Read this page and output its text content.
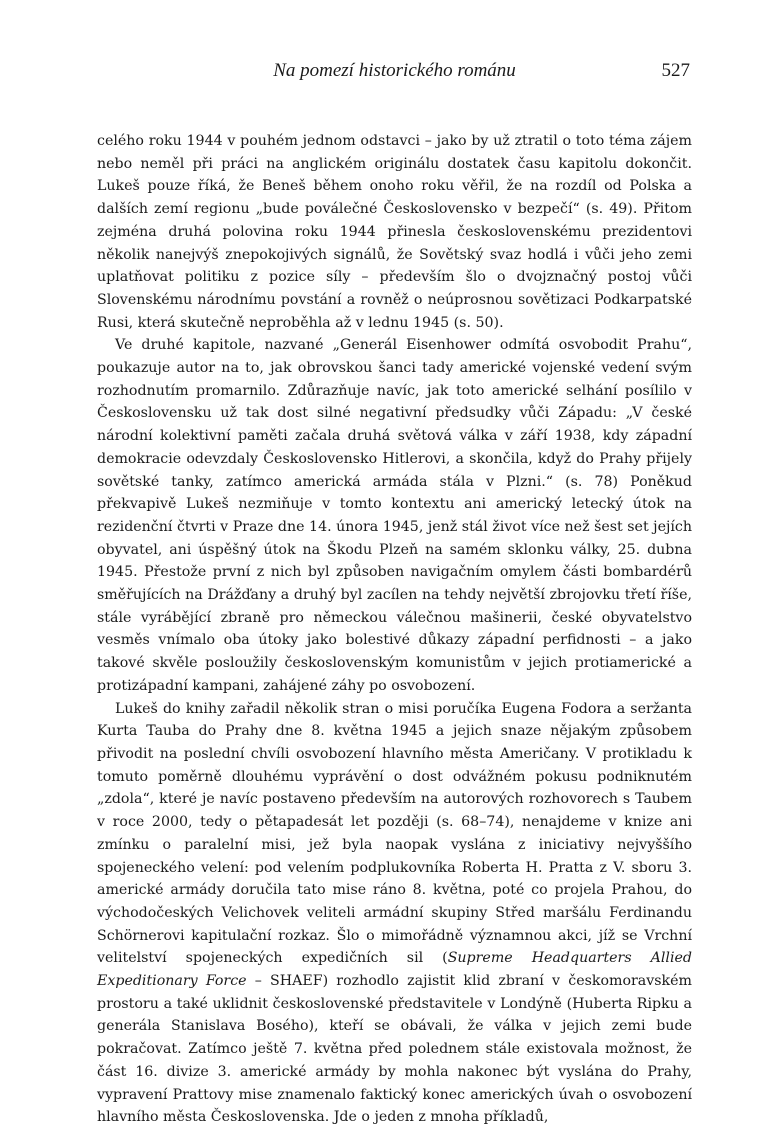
Na pomezí historického románu	527

celého roku 1944 v pouhém jednom odstavci – jako by už ztratil o toto téma zájem nebo neměl při práci na anglickém originálu dostatek času kapitolu dokončit. Lukeš pouze říká, že Beneš během onoho roku věřil, že na rozdíl od Polska a dalších zemí regionu „bude poválečné Československo v bezpečí“ (s. 49). Přitom zejména druhá polovina roku 1944 přinesla československému prezidentovi několik nanejvýš znepokojivých signálů, že Sovětský svaz hodlá i vůči jeho zemi uplatňovat politiku z pozice síly – především šlo o dvojznačný postoj vůči Slovenskému národnímu povstání a rovněž o neúprosnou sovětizaci Podkarpatské Rusi, která skutečně neproběhla až v lednu 1945 (s. 50).

Ve druhé kapitole, nazvané „Generál Eisenhower odmítá osvobodit Prahu“, poukazuje autor na to, jak obrovskou šanci tady americké vojenské vedení svým rozhodnutím promarnilo. Zdůrazňuje navíc, jak toto americké selhání posílilo v Československu už tak dost silné negativní předsudky vůči Západu: „V české národní kolektivní paměti začala druhá světová válka v září 1938, kdy západní demokracie odevzdaly Československo Hitlerovi, a skončila, když do Prahy přijely sovětské tanky, zatímco americká armáda stála v Plzni.“ (s. 78) Poněkud překvapivě Lukeš nezmiňuje v tomto kontextu ani americký letecký útok na rezidenční čtvrti v Praze dne 14. února 1945, jenž stál život více než šest set jejích obyvatel, ani úspěšný útok na Škodu Plzeň na samém sklonku války, 25. dubna 1945. Přestože první z nich byl způsoben navigačním omylem části bombardérů směřujících na Drážďany a druhý byl zacílen na tehdy největší zbrojovku třetí říše, stále vyrábějící zbraně pro německou válečnou mašinerii, české obyvatelstvo vesměs vnímalo oba útoky jako bolestivé důkazy západní perfidnosti – a jako takové skvěle posloužily československým komunistům v jejich protiamerické a protizápadní kampani, zahájené záhy po osvobození.

Lukeš do knihy zařadil několik stran o misi poručíka Eugena Fodora a seržanta Kurta Tauba do Prahy dne 8. května 1945 a jejich snaze nějakým způsobem přivodit na poslední chvíli osvobození hlavního města Američany. V protikladu k tomuto poměrně dlouhému vyprávění o dost odvážném pokusu podniknutém „zdola“, které je navíc postaveno především na autorových rozhovorech s Taubem v roce 2000, tedy o pětapadesát let později (s. 68–74), nenajdeme v knize ani zmínku o paralelní misi, jež byla naopak vyslána z iniciativy nejvyššího spojeneckého velení: pod velením podplukovníka Roberta H. Pratta z V. sboru 3. americké armády doručila tato mise ráno 8. května, poté co projela Prahou, do východočeských Velichovek veliteli armádní skupiny Střed maršálu Ferdinandu Schörnerovi kapitulační rozkaz. Šlo o mimořádně významnou akci, jíž se Vrchní velitelství spojeneckých expedičních sil (Supreme Headquarters Allied Expeditionary Force – SHAEF) rozhodlo zajistit klid zbraní v českomoravském prostoru a také uklidnit československé představitele v Londýně (Huberta Ripku a generála Stanislava Bosého), kteří se obávali, že válka v jejich zemi bude pokračovat. Zatímco ještě 7. května před polednem stále existovala možnost, že část 16. divize 3. americké armády by mohla nakonec být vyslána do Prahy, vypravení Prattovy mise znamenalo faktický konec amerických úvah o osvobození hlavního města Československa. Jde o jeden z mnoha příkladů,
